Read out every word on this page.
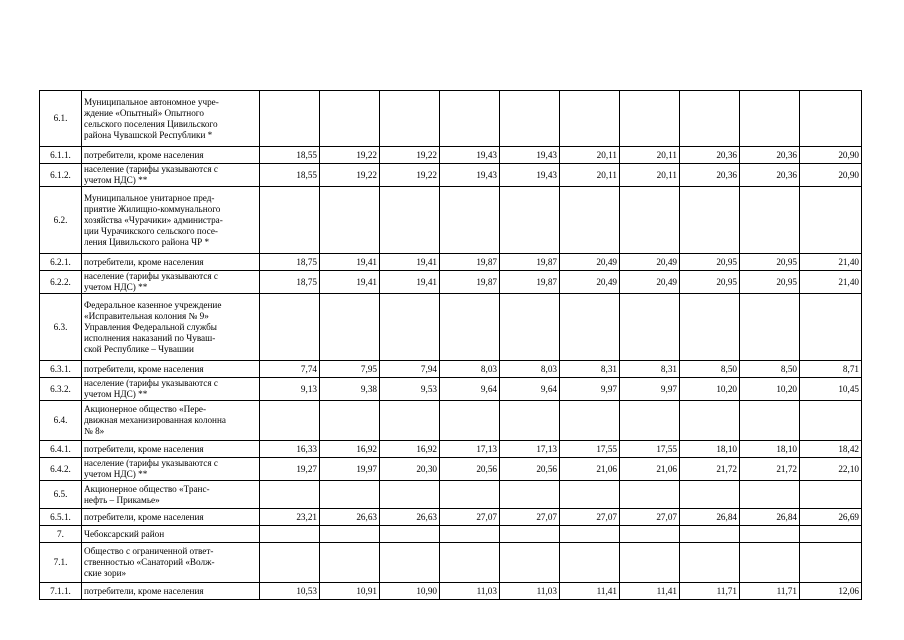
6.1.	Муниципальное автономное учре-
ждение «Опытный» Опытного
сельского поселения Цивильского
района Чувашской Республики *										
6.1.1.	потребители, кроме населения	18,55	19,22	19,22	19,43	19,43	20,11	20,11	20,36	20,36	20,90
6.1.2.	население (тарифы указываются с
учетом НДС) **	18,55	19,22	19,22	19,43	19,43	20,11	20,11	20,36	20,36	20,90
6.2.	Муниципальное унитарное пред-
приятие Жилищно-коммунального
хозяйства «Чурачики» администра-
ции Чурачикского сельского посе-
ления Цивильского района ЧР *										
6.2.1.	потребители, кроме населения	18,75	19,41	19,41	19,87	19,87	20,49	20,49	20,95	20,95	21,40
6.2.2.	население (тарифы указываются с
учетом НДС) **	18,75	19,41	19,41	19,87	19,87	20,49	20,49	20,95	20,95	21,40
6.3.	Федеральное казенное учреждение
«Исправительная колония № 9»
Управления Федеральной службы
исполнения наказаний по Чуваш-
ской Республике – Чувашии										
6.3.1.	потребители, кроме населения	7,74	7,95	7,94	8,03	8,03	8,31	8,31	8,50	8,50	8,71
6.3.2.	население (тарифы указываются с
учетом НДС) **	9,13	9,38	9,53	9,64	9,64	9,97	9,97	10,20	10,20	10,45
6.4.	Акционерное общество «Пере-
движная механизированная колонна
№ 8»										
6.4.1.	потребители, кроме населения	16,33	16,92	16,92	17,13	17,13	17,55	17,55	18,10	18,10	18,42
6.4.2.	население (тарифы указываются с
учетом НДС) **	19,27	19,97	20,30	20,56	20,56	21,06	21,06	21,72	21,72	22,10
6.5.	Акционерное общество «Транс-
нефть – Прикамье»										
6.5.1.	потребители, кроме населения	23,21	26,63	26,63	27,07	27,07	27,07	27,07	26,84	26,84	26,69
7.	Чебоксарский район										
7.1.	Общество с ограниченной ответ-
ственностью «Санаторий «Волж-
ские зори»										
7.1.1.	потребители, кроме населения	10,53	10,91	10,90	11,03	11,03	11,41	11,41	11,71	11,71	12,06
